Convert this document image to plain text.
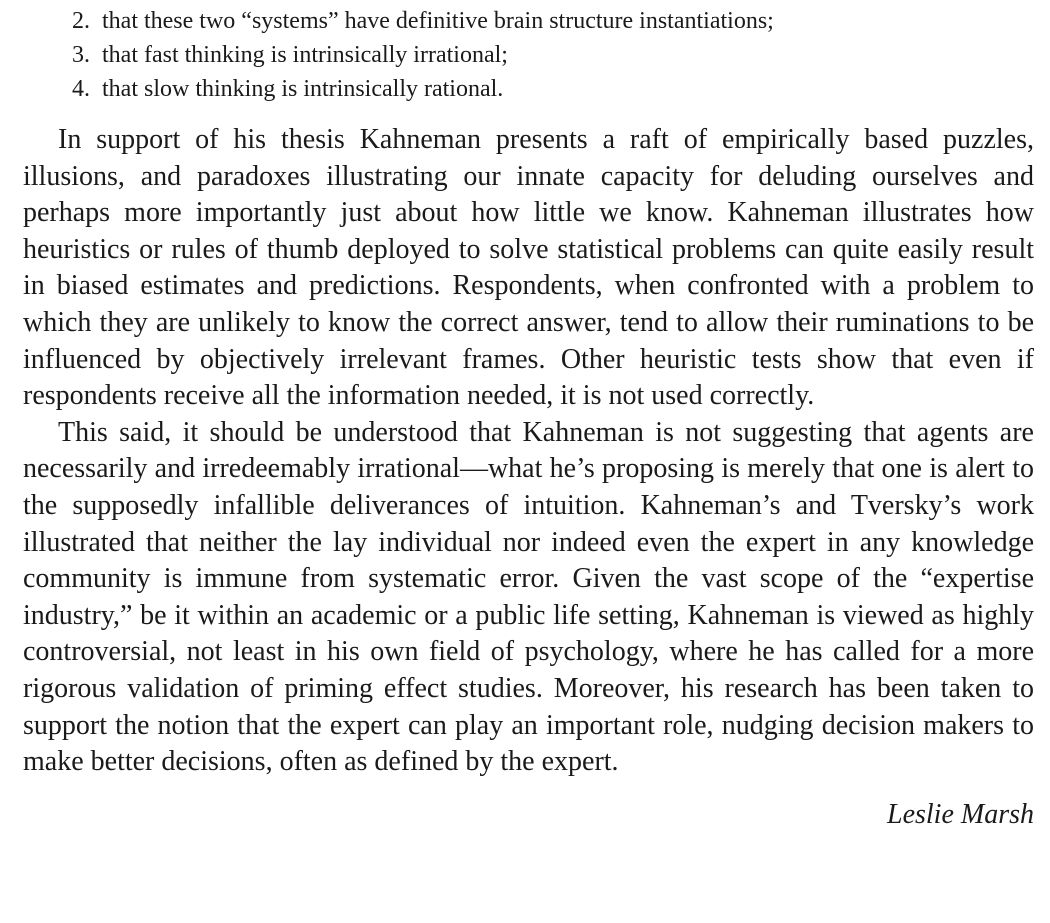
2. that these two “systems” have definitive brain structure instantiations;
3. that fast thinking is intrinsically irrational;
4. that slow thinking is intrinsically rational.

In support of his thesis Kahneman presents a raft of empirically based puzzles, illusions, and paradoxes illustrating our innate capacity for deluding ourselves and perhaps more importantly just about how little we know. Kahneman illustrates how heuristics or rules of thumb deployed to solve statistical problems can quite easily result in biased estimates and predictions. Respondents, when confronted with a problem to which they are unlikely to know the correct answer, tend to allow their ruminations to be influenced by objectively irrelevant frames. Other heuristic tests show that even if respondents receive all the information needed, it is not used correctly.

This said, it should be understood that Kahneman is not suggesting that agents are necessarily and irredeemably irrational—what he’s proposing is merely that one is alert to the supposedly infallible deliverances of intuition. Kahneman’s and Tversky’s work illustrated that neither the lay individual nor indeed even the expert in any knowledge community is immune from systematic error. Given the vast scope of the “expertise industry,” be it within an academic or a public life setting, Kahneman is viewed as highly controversial, not least in his own field of psychology, where he has called for a more rigorous validation of priming effect studies. Moreover, his research has been taken to support the notion that the expert can play an important role, nudging decision makers to make better decisions, often as defined by the expert.

Leslie Marsh
